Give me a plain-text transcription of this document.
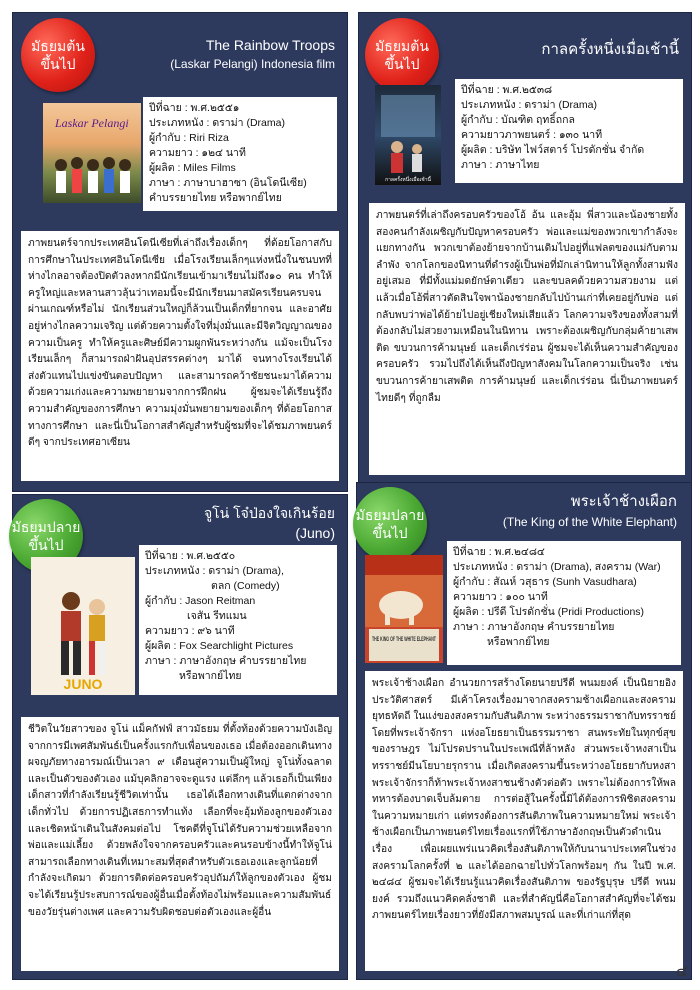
มัธยมต้น
ขึ้นไป
The Rainbow Troops
(Laskar Pelangi) Indonesia film
Laskar Pelangi
ปีที่ฉาย : พ.ศ.๒๕๕๑
ประเภทหนัง : ดราม่า (Drama)
ผู้กำกับ : Riri Riza
ความยาว : ๑๒๔ นาที
ผู้ผลิต : Miles Films
ภาษา : ภาษาบาฮาซา (อินโดนีเซีย)
คำบรรยายไทย หรือพากย์ไทย
ภาพยนตร์จากประเทศอินโดนีเซียที่เล่าถึงเรื่องเด็กๆ ที่ด้อยโอกาสกับการศึกษาในประเทศอินโดนีเซีย เมื่อโรงเรียนเล็กๆแห่งหนึ่งในชนบทที่ห่างไกลอาจต้องปิดตัวลงหากมีนักเรียนเข้ามาเรียนไม่ถึง๑๐ คน ทำให้ครูใหญ่และหลานสาวลุ้นว่าเทอมนี้จะมีนักเรียนมาสมัครเรียนครบจนผ่านเกณฑ์หรือไม่ นักเรียนส่วนใหญ่ก็ล้วนเป็นเด็กที่ยากจน และอาศัยอยู่ห่างไกลความเจริญ แต่ด้วยความตั้งใจที่มุ่งมั่นและมีจิตวิญญาณของความเป็นครู ทำให้ครูและศิษย์มีความผูกพันระหว่างกัน แม้จะเป็นโรงเรียนเล็กๆ ก็สามารถฝ่าฝันอุปสรรคต่างๆ มาได้ จนทางโรงเรียนได้ส่งตัวแทนไปแข่งขันตอบปัญหา และสามารถคว้าชัยชนะมาได้ความด้วยความเก่งและความพยายามจากการฝึกฝน ผู้ชมจะได้เรียนรู้ถึงความสำคัญของการศึกษา ความมุ่งมั่นพยายามของเด็กๆ ที่ด้อยโอกาสทางการศึกษา และนี่เป็นโอกาสสำคัญสำหรับผู้ชมที่จะได้ชมภาพยนตร์ดีๆ จากประเทศอาเซียน
มัธยมต้น
ขึ้นไป
กาลครั้งหนึ่งเมื่อเช้านี้
กาลครั้งหนึ่งเมื่อเช้านี้
ปีที่ฉาย : พ.ศ.๒๕๓๘
ประเภทหนัง : ดราม่า (Drama)
ผู้กำกับ : บัณฑิต ฤทธิ์ถกล
ความยาวภาพยนตร์ : ๑๓๐ นาที
ผู้ผลิต : บริษัท ไฟว์สตาร์ โปรดักชั่น จำกัด
ภาษา : ภาษาไทย
ภาพยนตร์ที่เล่าถึงครอบครัวของโอ้ อ้น และอุ้ม พี่สาวและน้องชายทั้งสองคนกำลังเผชิญกับปัญหาครอบครัว พ่อและแม่ของพวกเขากำลังจะแยกทางกัน พวกเขาต้องย้ายจากบ้านเดิมไปอยู่ที่แฟลตของแม่กับตามลำพัง จากโลกของนิทานที่ดำรงผู้เป็นพ่อที่มักเล่านิทานให้ลูกทั้งสามฟังอยู่เสมอ ที่มีทั้งแม่มดยักษ์ตาเดียว และขบลคด้วยความสวยงาม แต่แล้วเมื่อโอ้พี่สาวตัดสินใจพาน้องชายกลับไปบ้านเก่าที่เคยอยู่กับพ่อ แต่กลับพบว่าพ่อได้ย้ายไปอยู่เชียงใหม่เสียแล้ว โลกความจริงของทั้งสามที่ต้องกลับไม่สวยงามเหมือนในนิทาน เพราะต้องเผชิญกับกลุ่มค้ายาเสพติด ขบวนการค้ามนุษย์ และเด็กเร่ร่อน ผู้ชมจะได้เห็นความสำคัญของครอบครัว รวมไปถึงได้เห็นถึงปัญหาสังคมในโลกความเป็นจริง เช่น ขบวนการค้ายาเสพติด การค้ามนุษย์ และเด็กเร่ร่อน นี่เป็นภาพยนตร์ไทยดีๆ ที่ถูกลืม
มัธยมปลาย
ขึ้นไป
จูโน่ โจ๋ป่องใจเกินร้อย
(Juno)
JUNO
ปีที่ฉาย : พ.ศ.๒๕๕๐
ประเภทหนัง : ดราม่า (Drama),
ตลก (Comedy)
ผู้กำกับ : Jason Reitman
เจสัน รีทแมน
ความยาว : ๙๖ นาที
ผู้ผลิต : Fox Searchlight Pictures
ภาษา : ภาษาอังกฤษ คำบรรยายไทย
หรือพากย์ไทย
ชีวิตในวัยสาวของ จูโน่ แม็คกัฟฟ์ สาวมัธยม ที่ตั้งท้องด้วยความบังเอิญจากการมีเพศสัมพันธ์เป็นครั้งแรกกับเพื่อนของเธอ เมื่อต้องออกเดินทางผจญภัยทางอารมณ์เป็นเวลา ๙ เดือนสู่ความเป็นผู้ใหญ่ จูโน่ทั้งฉลาดและเป็นตัวของตัวเอง แม้บุคลิกอาจจะดูแรง แต่ลึกๆ แล้วเธอก็เป็นเพียงเด็กสาวที่กำลังเรียนรู้ชีวิตเท่านั้น เธอได้เลือกทางเดินที่แตกต่างจากเด็กทั่วไป ด้วยการปฏิเสธการทำแท้ง เลือกที่จะอุ้มท้องลูกของตัวเอง และเชิดหน้าเดินในสังคมต่อไป โชคดีที่จูโน่ได้รับความช่วยเหลือจากพ่อและแม่เลี้ยง ด้วยพลังใจจากครอบครัวและคนรอบข้างนี้ทำให้จูโน่สามารถเลือกทางเดินที่เหมาะสมที่สุดสำหรับตัวเธอเองและลูกน้อยที่กำลังจะเกิดมา ด้วยการติดต่อครอบครัวอุปถัมภ์ให้ลูกของตัวเอง ผู้ชมจะได้เรียนรู้ประสบการณ์ของผู้อื่นเมื่อตั้งท้องไม่พร้อมและความสัมพันธ์ของวัยรุ่นต่างเพศ และความรับผิดชอบต่อตัวเองและผู้อื่น
มัธยมปลาย
ขึ้นไป
พระเจ้าช้างเผือก
(The King of the White Elephant)
THE KING OF THE WHITE ELEPHANT
ปีที่ฉาย : พ.ศ.๒๔๘๔
ประเภทหนัง : ดราม่า (Drama), สงคราม (War)
ผู้กำกับ : สัณห์ วสุธาร (Sunh Vasudhara)
ความยาว : ๑๐๐ นาที
ผู้ผลิต : ปรีดี โปรดักชั่น (Pridi Productions)
ภาษา : ภาษาอังกฤษ คำบรรยายไทย
หรือพากย์ไทย
พระเจ้าช้างเผือก อำนวยการสร้างโดยนายปรีดี พนมยงค์ เป็นนิยายอิงประวัติศาสตร์ มีเค้าโครงเรื่องมาจากสงครามช้างเผือกและสงครามยุทธหัตถี ในแง่ของสงครามกับสันติภาพ ระหว่างธรรมราชากับทรราชย์ โดยที่พระเจ้าจักรา แห่งอโยธยาเป็นธรรมราชา สนพระทัยในทุกข์สุขของราษฎร ไม่โปรดปรานในประเพณีที่ล้าหลัง ส่วนพระเจ้าหงสาเป็นทรราชย์มีนโยบายรุกราน เมื่อเกิดสงครามขึ้นระหว่างอโยธยากับหงสา พระเจ้าจักราก็ท้าพระเจ้าหงสาชนช้างตัวต่อตัว เพราะไม่ต้องการให้พลทหารต้องบาดเจ็บล้มตาย การต่อสู้ในครั้งนี้มิได้ต้องการพิชิตสงครามในความหมายเก่า แต่ทรงต้องการสันติภาพในความหมายใหม่ พระเจ้าช้างเผือกเป็นภาพยนตร์ไทยเรื่องแรกที่ใช้ภาษาอังกฤษเป็นตัวดำเนินเรื่อง เพื่อเผยแพร่แนวคิดเรื่องสันติภาพให้กับนานาประเทศในช่วงสงครามโลกครั้งที่ ๒ และได้ออกฉายไปทั่วโลกพร้อมๆ กัน ในปี พ.ศ. ๒๔๘๔ ผู้ชมจะได้เรียนรู้แนวคิดเรื่องสันติภาพ ของรัฐบุรุษ ปรีดี พนมยงค์ รวมถึงแนวคิดคลั่งชาติ และที่สำคัญนี่คือโอกาสสำคัญที่จะได้ชมภาพยนตร์ไทยเรื่องยาวที่ยังมีสภาพสมบูรณ์ และที่เก่าแก่ที่สุด
๔
